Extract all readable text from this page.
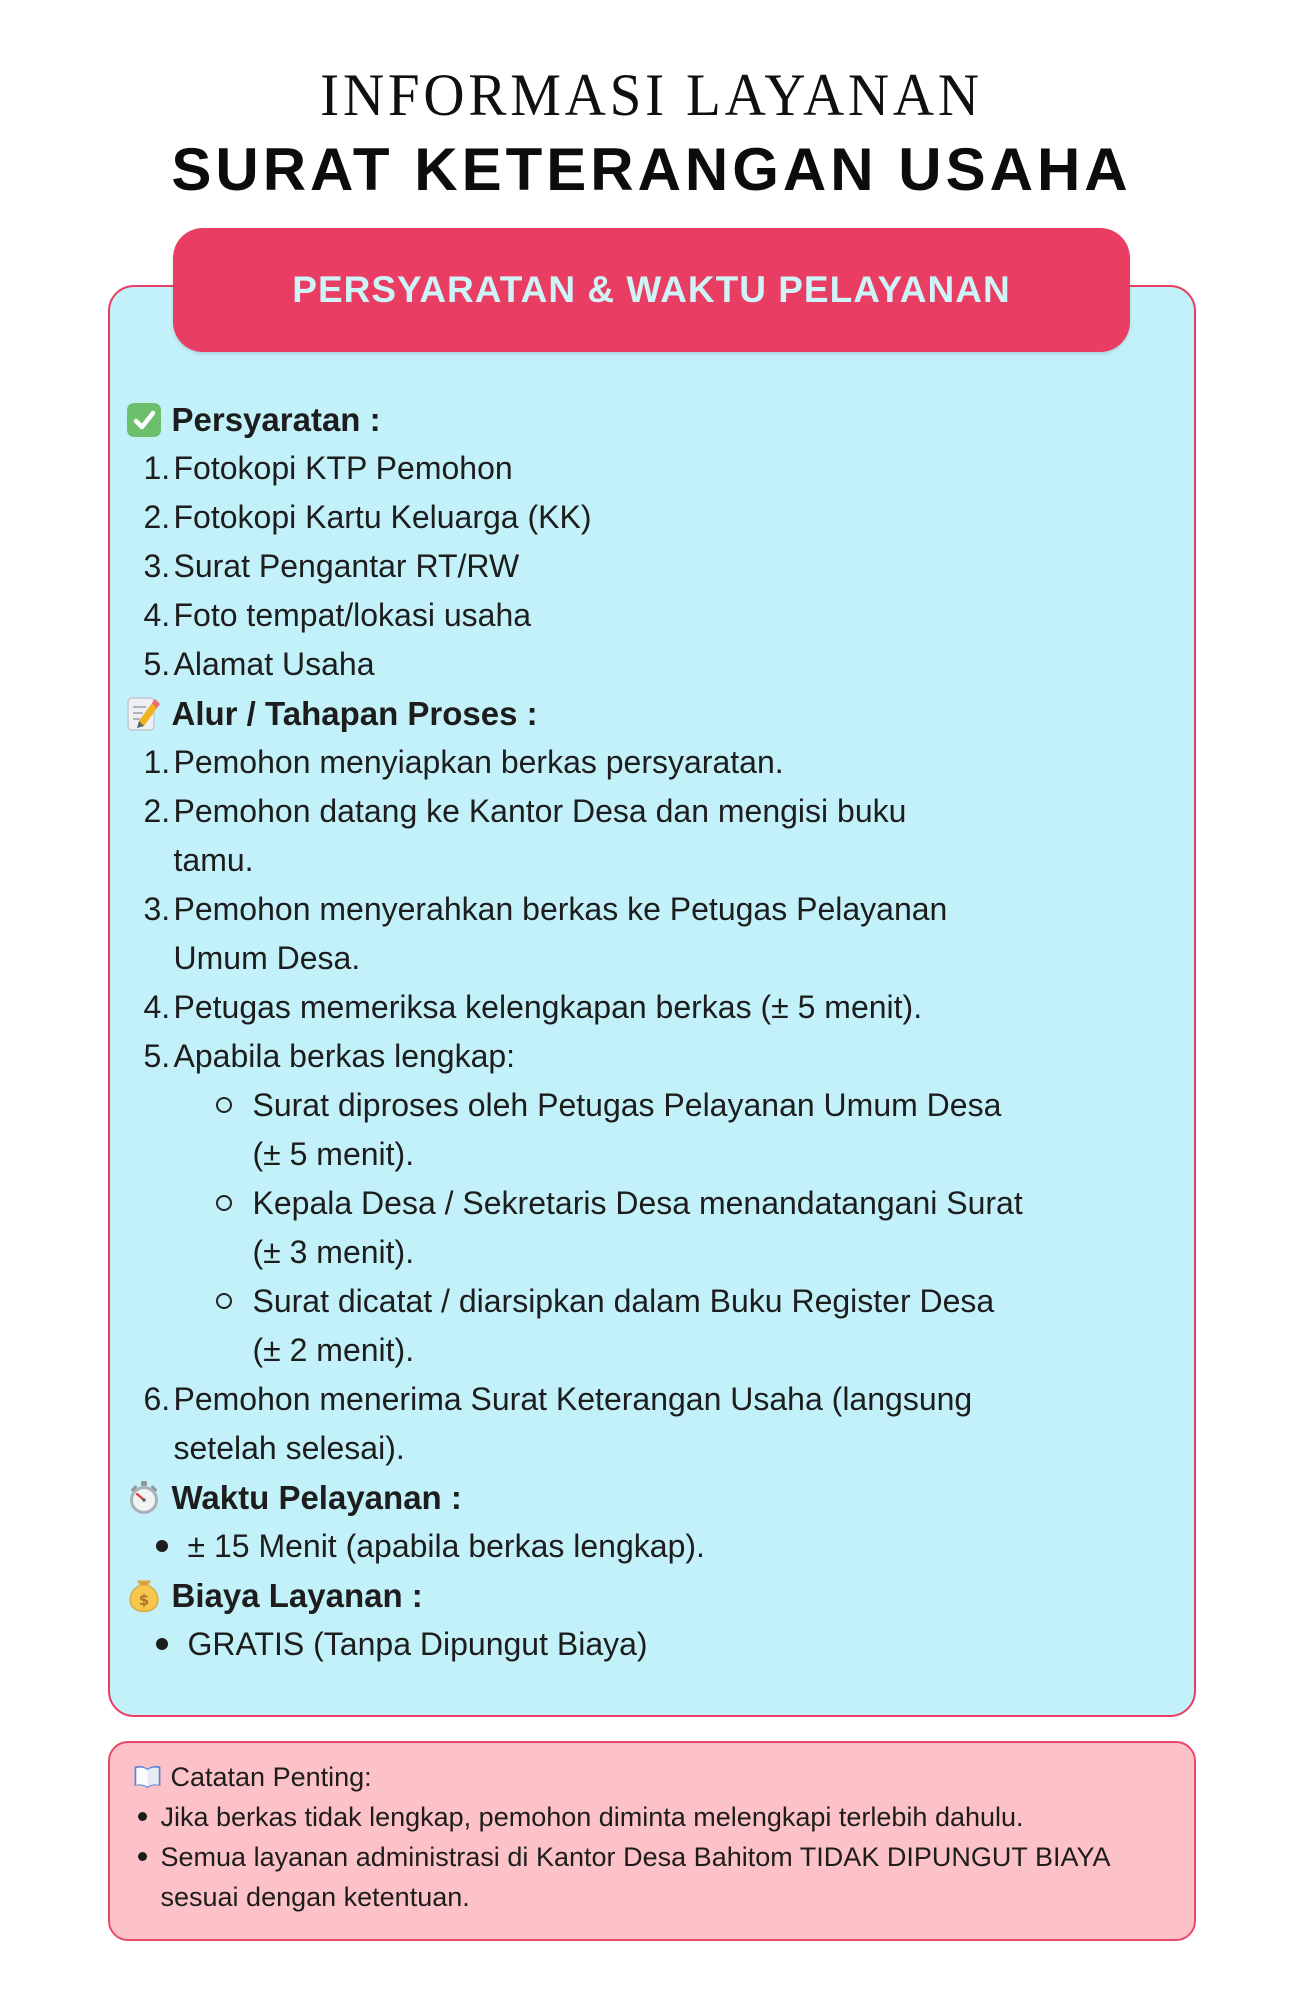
INFORMASI LAYANAN
SURAT KETERANGAN USAHA
PERSYARATAN & WAKTU PELAYANAN
Persyaratan :
1. Fotokopi KTP Pemohon
2. Fotokopi Kartu Keluarga (KK)
3. Surat Pengantar RT/RW
4. Foto tempat/lokasi usaha
5. Alamat Usaha
Alur / Tahapan Proses :
1. Pemohon menyiapkan berkas persyaratan.
2. Pemohon datang ke Kantor Desa dan mengisi buku tamu.
3. Pemohon menyerahkan berkas ke Petugas Pelayanan Umum Desa.
4. Petugas memeriksa kelengkapan berkas (± 5 menit).
5. Apabila berkas lengkap:
Surat diproses oleh Petugas Pelayanan Umum Desa (± 5 menit).
Kepala Desa / Sekretaris Desa menandatangani Surat (± 3 menit).
Surat dicatat / diarsipkan dalam Buku Register Desa (± 2 menit).
6. Pemohon menerima Surat Keterangan Usaha (langsung setelah selesai).
Waktu Pelayanan :
± 15 Menit (apabila berkas lengkap).
$ Biaya Layanan :
GRATIS (Tanpa Dipungut Biaya)
Catatan Penting:
Jika berkas tidak lengkap, pemohon diminta melengkapi terlebih dahulu.
Semua layanan administrasi di Kantor Desa Bahitom TIDAK DIPUNGUT BIAYA sesuai dengan ketentuan.
